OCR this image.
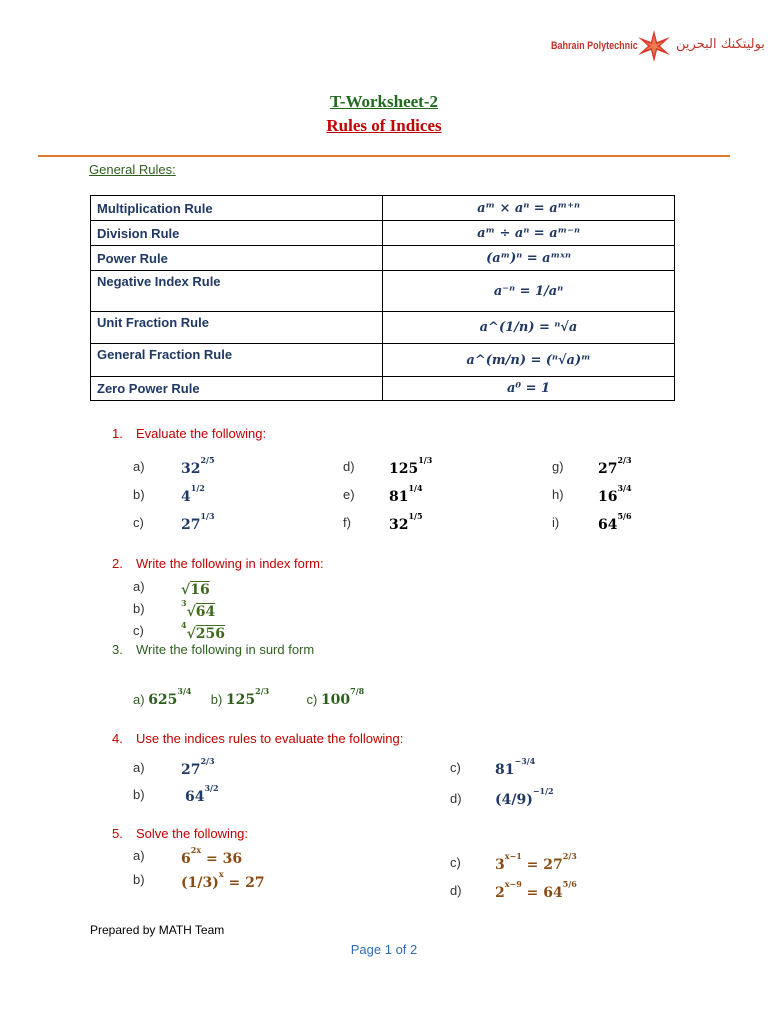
Bahrain Polytechnic	بوليتكنك البحرين
T-Worksheet-2
Rules of Indices
General Rules:
Multiplication Rule	aᵐ × aⁿ = aᵐ⁺ⁿ
Division Rule	aᵐ ÷ aⁿ = aᵐ⁻ⁿ
Power Rule	(aᵐ)ⁿ = aᵐˣⁿ
Negative Index Rule	a⁻ⁿ = 1/aⁿ
Unit Fraction Rule	a^(1/n) = ⁿ√a
General Fraction Rule	a^(m/n) = (ⁿ√a)ᵐ
Zero Power Rule	a⁰ = 1
1. Evaluate the following:
a)	$32^{2/5}$
b)	$4^{1/2}$
c)	$27^{1/3}$
d) $125^{1/3}$
e) $81^{1/4}$
f)	$32^{1/5}$
g) $27^{2/3}$
h) $16^{3/4}$
i)	$64^{5/6}$
2. Write the following in index form:
a)	√16
b)	$^3$√64
c)	$^4$√256
3. Write the following in surd form
a) $625^{3/4}$  b) $125^{2/3}$  c) $100^{7/8}$
4. Use the indices rules to evaluate the following:
a)	$27^{2/3}$
b)	$64^{3/2}$
c) $81^{-3/4}$
d) $(4/9)^{-1/2}$
5. Solve the following:
a)	$6^{2x} = 36$
b)	$(1/3)^x = 27$
c) $3^{x-1} = 27^{2/3}$
d) $2^{x-9} = 64^{5/6}$
Prepared by MATH Team
Page 1 of 2
